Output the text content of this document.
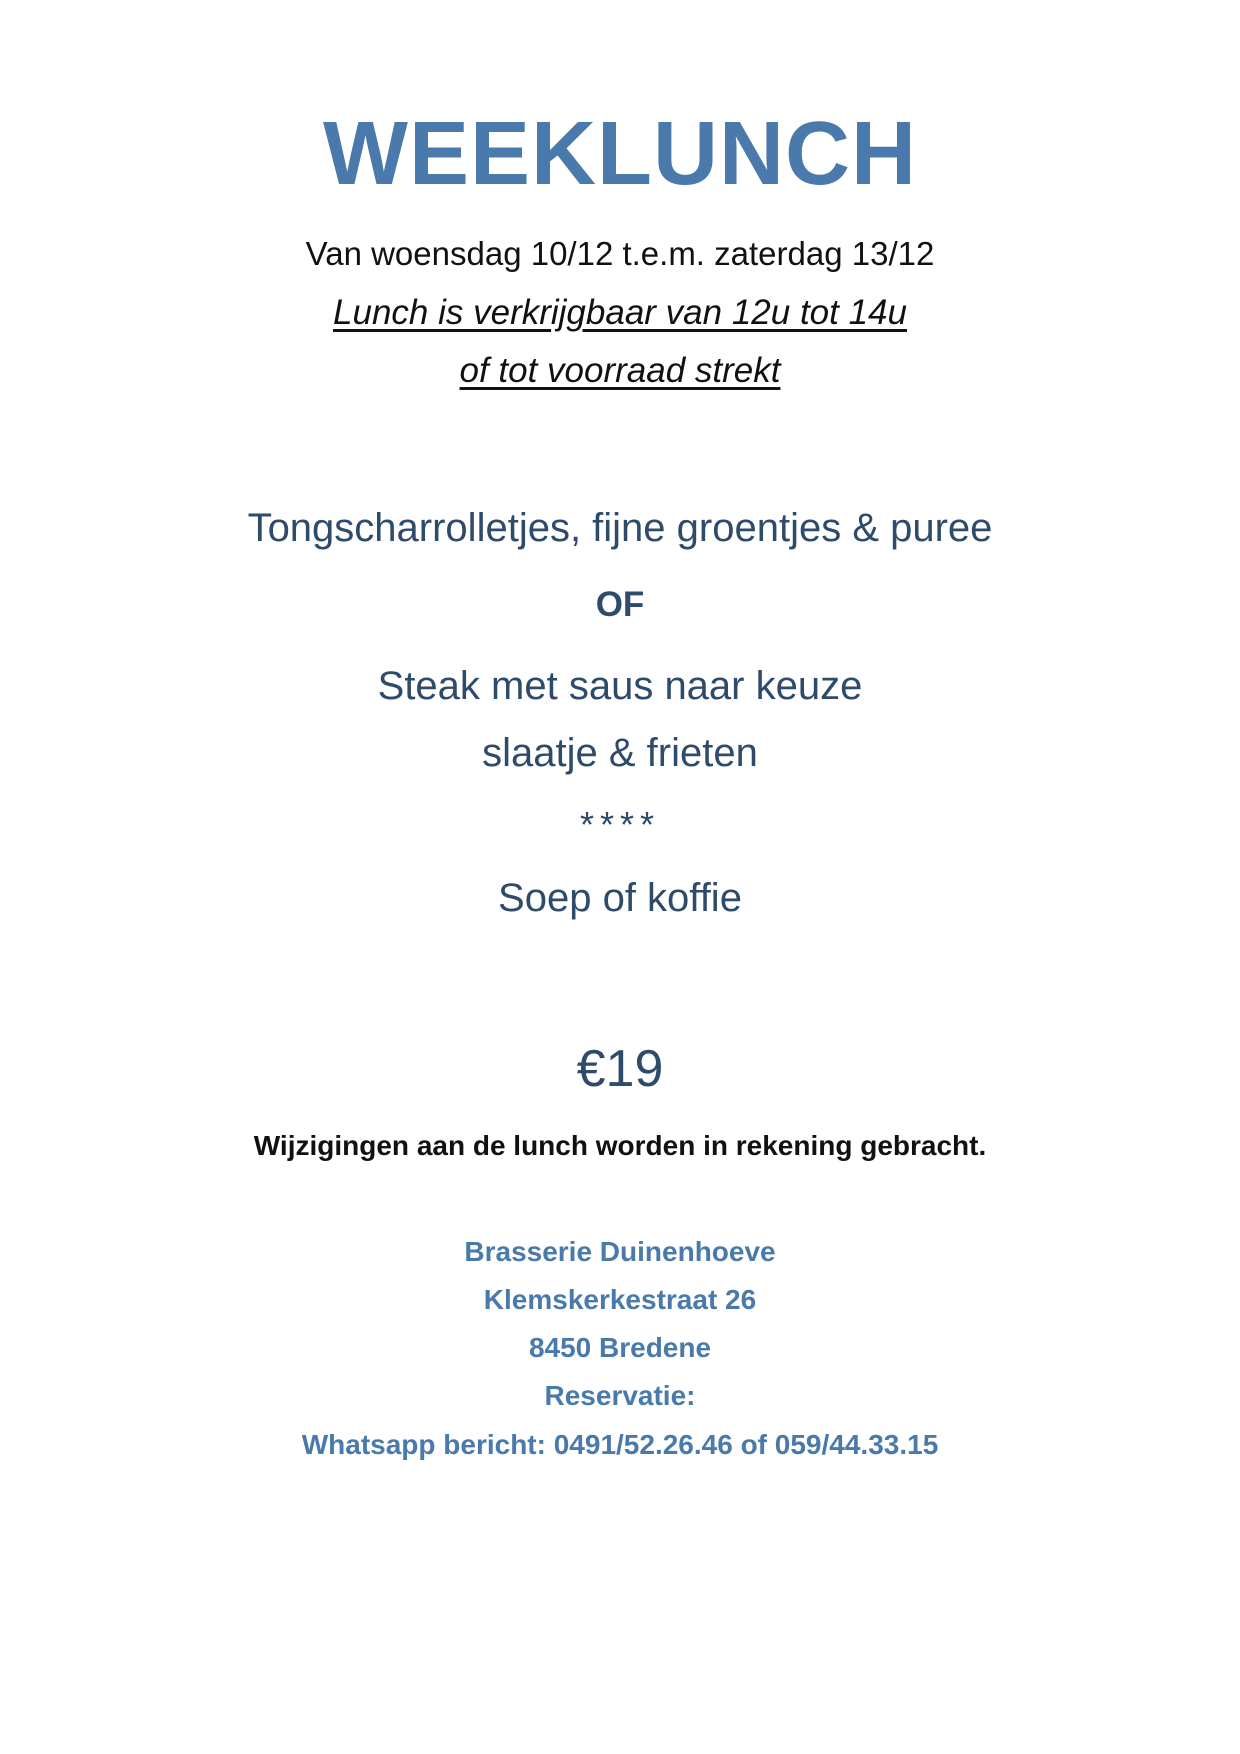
WEEKLUNCH
Van woensdag 10/12 t.e.m. zaterdag 13/12
Lunch is verkrijgbaar van 12u tot 14u
of tot voorraad strekt
Tongscharrolletjes, fijne groentjes & puree
OF
Steak met saus naar keuze
slaatje & frieten
****
Soep of koffie
€19
Wijzigingen aan de lunch worden in rekening gebracht.
Brasserie Duinenhoeve
Klemskerkestraat 26
8450 Bredene
Reservatie:
Whatsapp bericht: 0491/52.26.46 of 059/44.33.15
